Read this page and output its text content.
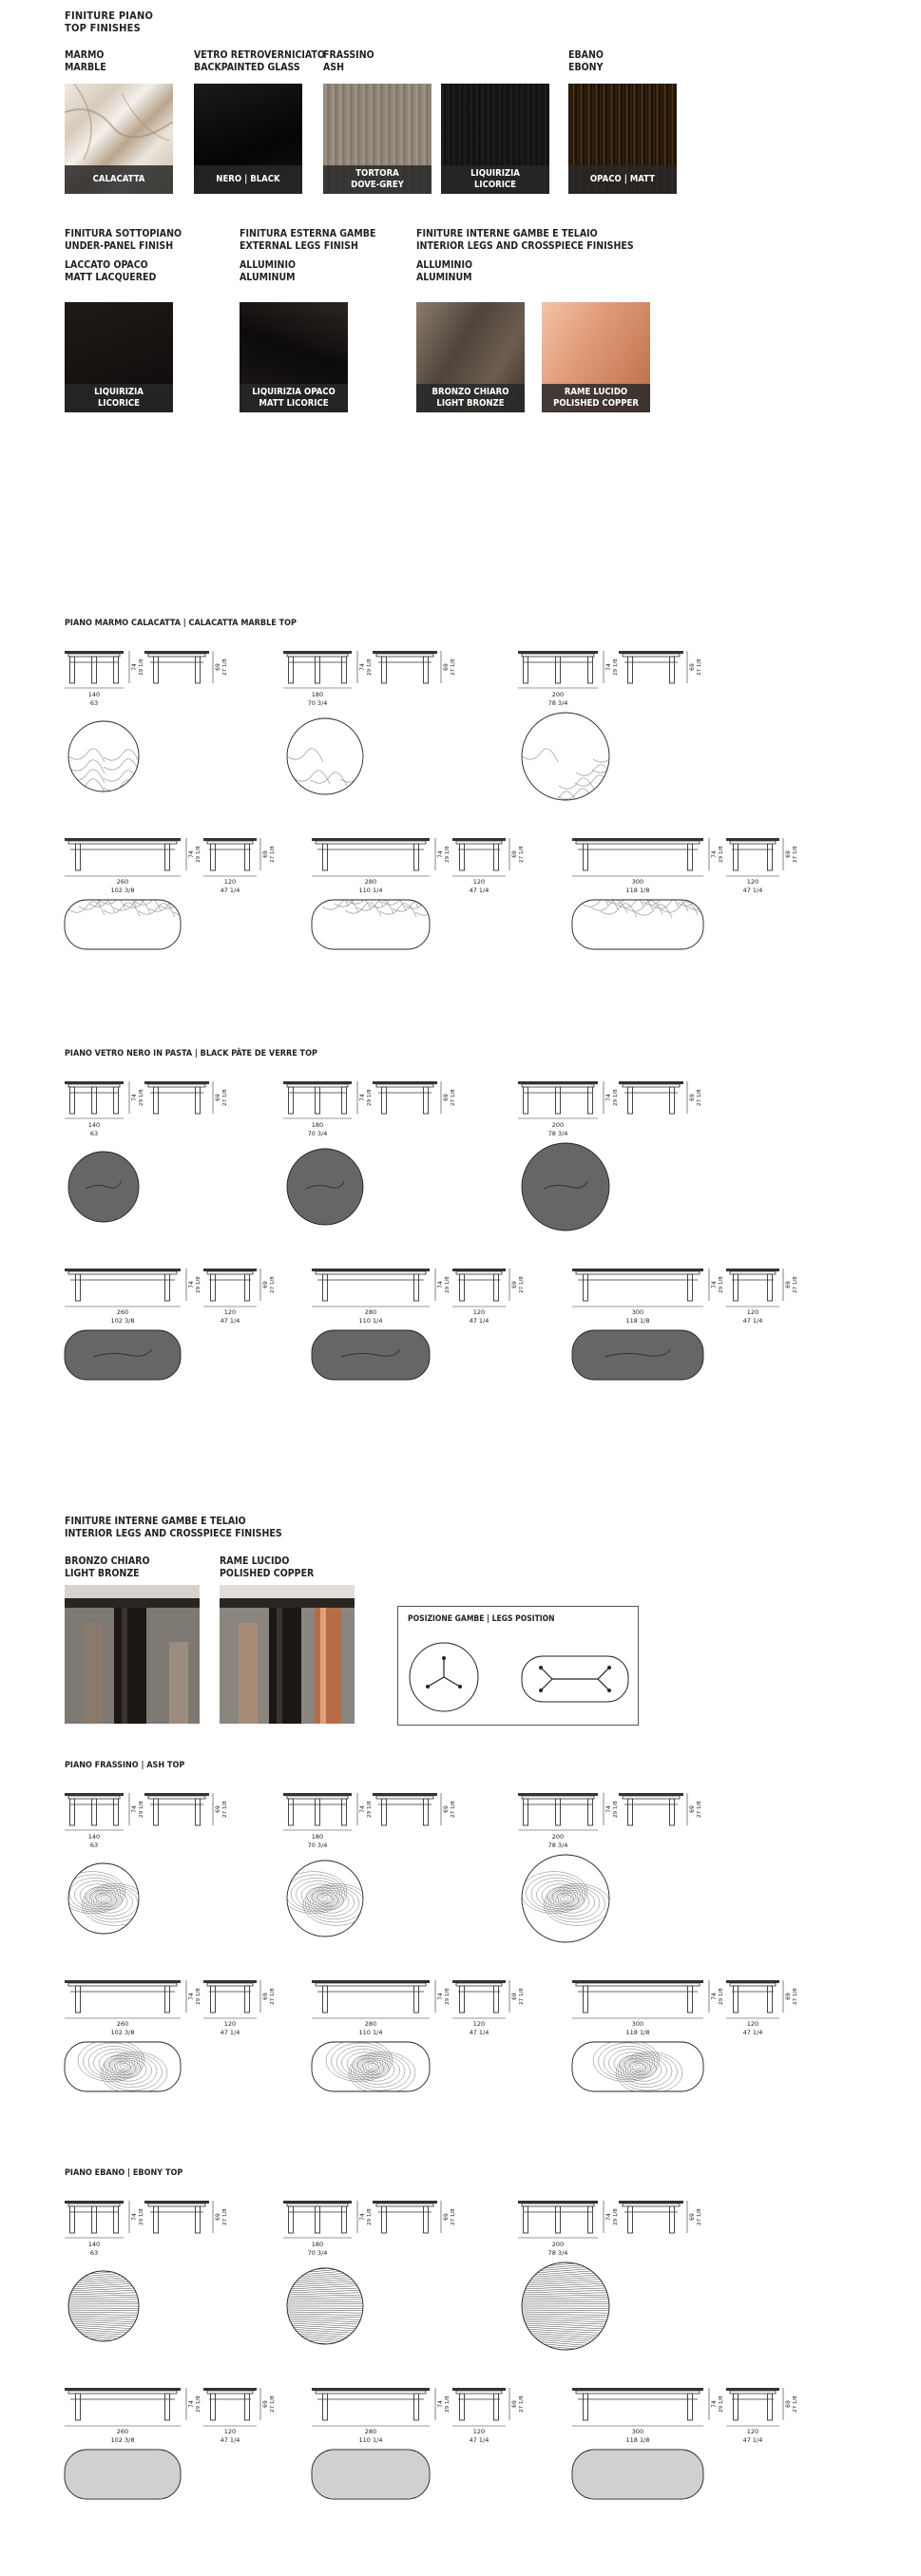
FINITURE PIANO
TOP FINISHES
MARMO
MARBLE
VETRO RETROVERNICIATO
BACKPAINTED GLASS
FRASSINO
ASH
EBANO
EBONY
CALACATTA	NERO | BLACK
TORTORA
DOVE-GREY
LIQUIRIZIA
LICORICE
OPACO | MATT
FINITURA SOTTOPIANO
UNDER-PANEL FINISH
LACCATO OPACO
MATT LACQUERED
FINITURA ESTERNA GAMBE
EXTERNAL LEGS FINISH
ALLUMINIO
ALUMINUM
FINITURE INTERNE GAMBE E TELAIO
INTERIOR LEGS AND CROSSPIECE FINISHES
ALLUMINIO
ALUMINUM
LIQUIRIZIA
LICORICE
LIQUIRIZIA OPACO
MATT LICORICE
BRONZO CHIARO
LIGHT BRONZE
RAME LUCIDO
POLISHED COPPER
PIANO MARMO CALACATTA | CALACATTA MARBLE TOP
PIANO VETRO NERO IN PASTA | BLACK PÂTE DE VERRE TOP
PIANO FRASSINO | ASH TOP
PIANO EBANO | EBONY TOP
74 29 1/8	69 27 1/8
140
63
74 29 1/8	69 27 1/8
180
70 3/4
74 29 1/8	69 27 1/8
200
78 3/4
74 29 1/8	69 27 1/8
260
102 3/8
120
47 1/4
74 29 1/8	69 27 1/8
280
110 1/4
120
47 1/4
74 29 1/8	69 27 1/8
300
118 1/8
120
47 1/4
74 29 1/8	69 27 1/8
140
63
74 29 1/8	69 27 1/8
180
70 3/4
74 29 1/8	69 27 1/8
200
78 3/4
74 29 1/8	69 27 1/8
260
102 3/8
120
47 1/4
74 29 1/8	69 27 1/8
280
110 1/4
120
47 1/4
74 29 1/8	69 27 1/8
300
118 1/8
120
47 1/4
74 29 1/8	69 27 1/8
140
63
74 29 1/8	69 27 1/8
180
70 3/4
74 29 1/8	69 27 1/8
200
78 3/4
74 29 1/8	69 27 1/8
260
102 3/8
120
47 1/4
74 29 1/8	69 27 1/8
280
110 1/4
120
47 1/4
74 29 1/8	69 27 1/8
300
118 1/8
120
47 1/4
74 29 1/8	69 27 1/8
140
63
74 29 1/8	69 27 1/8
180
70 3/4
74 29 1/8	69 27 1/8
200
78 3/4
74 29 1/8	69 27 1/8
260
102 3/8
120
47 1/4
74 29 1/8	69 27 1/8
280
110 1/4
120
47 1/4
74 29 1/8	69 27 1/8
300
118 1/8
120
47 1/4
FINITURE INTERNE GAMBE E TELAIO
INTERIOR LEGS AND CROSSPIECE FINISHES
BRONZO CHIARO
LIGHT BRONZE
RAME LUCIDO
POLISHED COPPER
POSIZIONE GAMBE | LEGS POSITION
